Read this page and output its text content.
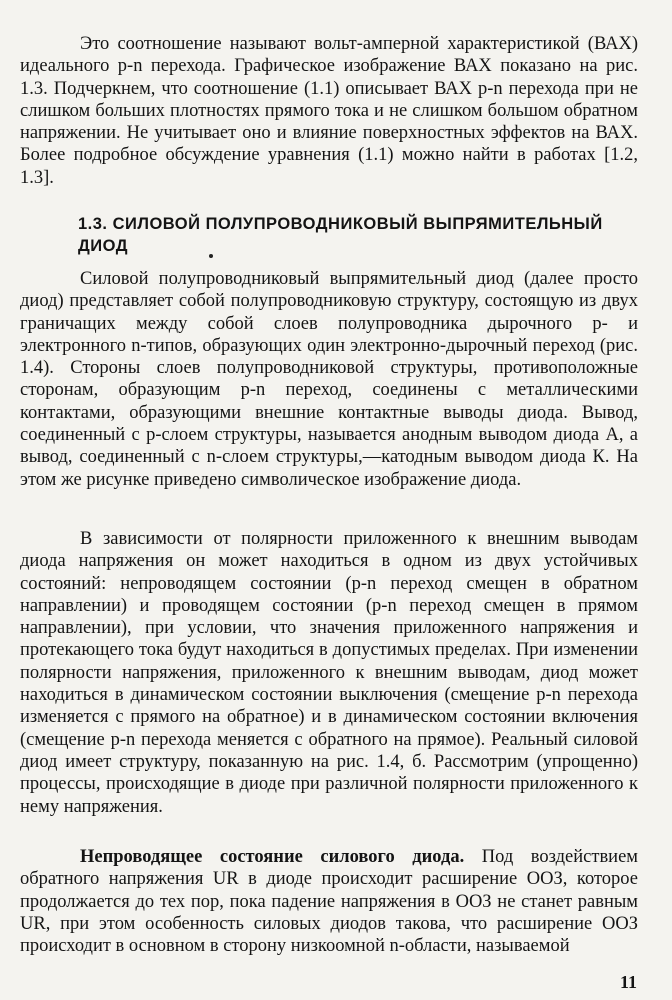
Это соотношение называют вольт-амперной характеристикой (ВАХ) идеального p-n перехода. Графическое изображение ВАХ показано на рис. 1.3. Подчеркнем, что соотношение (1.1) описывает ВАХ p-n перехода при не слишком больших плотностях прямого тока и не слишком большом обратном напряжении. Не учитывает оно и влияние поверхностных эффектов на ВАХ. Более подробное обсуждение уравнения (1.1) можно найти в работах [1.2, 1.3].

1.3. СИЛОВОЙ ПОЛУПРОВОДНИКОВЫЙ ВЫПРЯМИТЕЛЬНЫЙ ДИОД

Силовой полупроводниковый выпрямительный диод (далее просто диод) представляет собой полупроводниковую структуру, состоящую из двух граничащих между собой слоев полупроводника дырочного p- и электронного n-типов, образующих один электронно-дырочный переход (рис. 1.4). Стороны слоев полупроводниковой структуры, противоположные сторонам, образующим p-n переход, соединены с металлическими контактами, образующими внешние контактные выводы диода. Вывод, соединенный с p-слоем структуры, называется анодным выводом диода А, а вывод, соединенный с n-слоем структуры,—катодным выводом диода К. На этом же рисунке приведено символическое изображение диода.

В зависимости от полярности приложенного к внешним выводам диода напряжения он может находиться в одном из двух устойчивых состояний: непроводящем состоянии (p-n переход смещен в обратном направлении) и проводящем состоянии (p-n переход смещен в прямом направлении), при условии, что значения приложенного напряжения и протекающего тока будут находиться в допустимых пределах. При изменении полярности напряжения, приложенного к внешним выводам, диод может находиться в динамическом состоянии выключения (смещение p-n перехода изменяется с прямого на обратное) и в динамическом состоянии включения (смещение p-n перехода меняется с обратного на прямое). Реальный силовой диод имеет структуру, показанную на рис. 1.4, б. Рассмотрим (упрощенно) процессы, происходящие в диоде при различной полярности приложенного к нему напряжения.

Непроводящее состояние силового диода. Под воздействием обратного напряжения UR в диоде происходит расширение ООЗ, которое продолжается до тех пор, пока падение напряжения в ООЗ не станет равным UR, при этом особенность силовых диодов такова, что расширение ООЗ происходит в основном в сторону низкоомной n-области, называемой

11
